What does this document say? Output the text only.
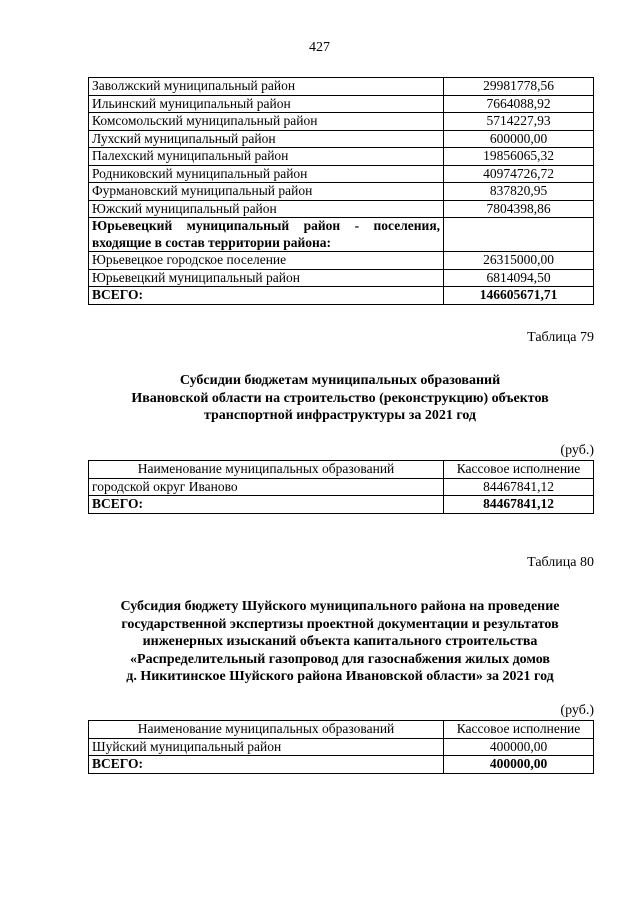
427
Заволжский муниципальный район	29981778,56
Ильинский муниципальный район	7664088,92
Комсомольский муниципальный район	5714227,93
Лухский муниципальный район	600000,00
Палехский муниципальный район	19856065,32
Родниковский муниципальный район	40974726,72
Фурмановский муниципальный район	837820,95
Южский муниципальный район	7804398,86
Юрьевецкий муниципальный район - поселения, входящие в состав территории района:	
Юрьевецкое городское поселение	26315000,00
Юрьевецкий муниципальный район	6814094,50
ВСЕГО:	146605671,71
Таблица 79
Субсидии бюджетам муниципальных образований
Ивановской области на строительство (реконструкцию) объектов
транспортной инфраструктуры за 2021 год
(руб.)
Наименование муниципальных образований	Кассовое исполнение
городской округ Иваново	84467841,12
ВСЕГО:	84467841,12
Таблица 80
Субсидия бюджету Шуйского муниципального района на проведение
государственной экспертизы проектной документации и результатов
инженерных изысканий объекта капитального строительства
«Распределительный газопровод для газоснабжения жилых домов
д. Никитинское Шуйского района Ивановской области» за 2021 год
(руб.)
Наименование муниципальных образований	Кассовое исполнение
Шуйский муниципальный район	400000,00
ВСЕГО:	400000,00
